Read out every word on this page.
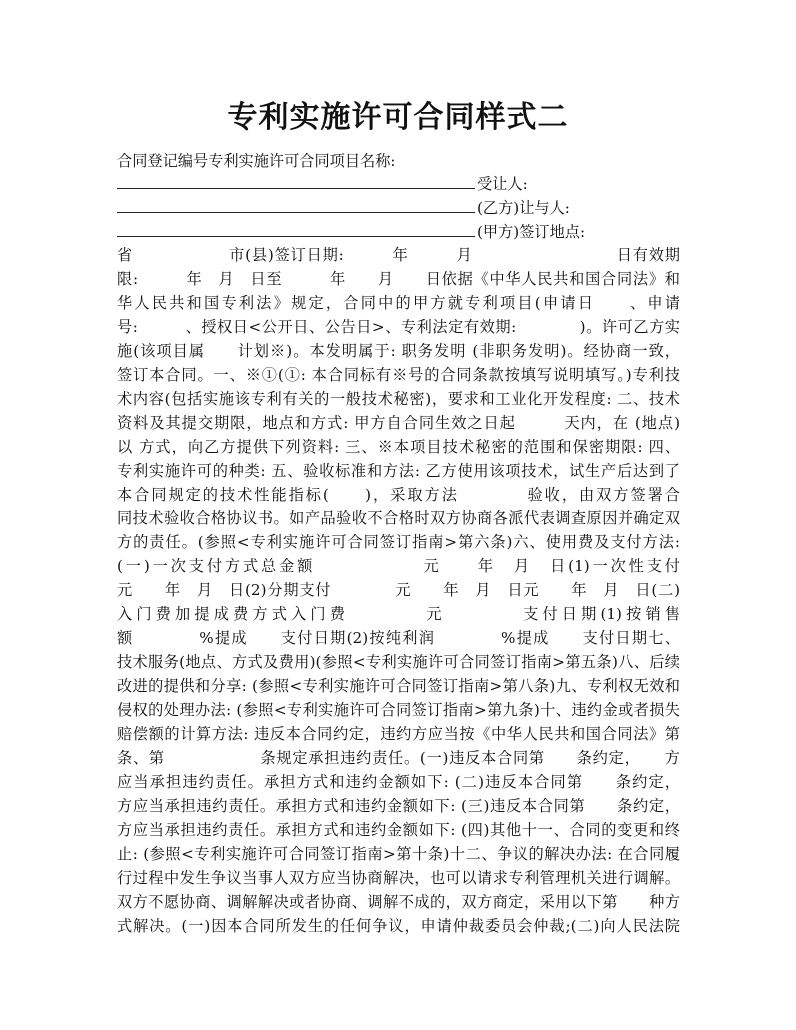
专利实施许可合同样式二
合同登记编号专利实施许可合同项目名称:
受让人:
(乙方)让与人:
(甲方)签订地点:
省　　　　　　市(县)签订日期:　　　年　　　月　　　　　　　　　日有效期
限:　　　年　月　日至　　　年　　月　　日依据《中华人民共和国合同法》和
华人民共和国专利法》规定，合同中的甲方就专利项目(申请日　　、申请
号:　　　、授权日<公开日、公告日>、专利法定有效期:　　　　)。许可乙方实
施(该项目属　　计划※)。本发明属于: 职务发明 (非职务发明)。经协商一致，
签订本合同。一、※①(①: 本合同标有※号的合同条款按填写说明填写。)专利技
术内容(包括实施该专利有关的一般技术秘密)，要求和工业化开发程度: 二、技术
资料及其提交期限，地点和方式: 甲方自合同生效之日起　　　天内，在 (地点)
以 方式，向乙方提供下列资料: 三、※本项目技术秘密的范围和保密期限: 四、
专利实施许可的种类: 五、验收标准和方法: 乙方使用该项技术，试生产后达到了
本合同规定的技术性能指标(　　)，采取方法　　　　验收，由双方签署合
同技术验收合格协议书。如产品验收不合格时双方协商各派代表调查原因并确定双
方的责任。(参照<专利实施许可合同签订指南>第六条)六、使用费及支付方法:
(一)一次支付方式总金额　　　　　　元　　年　月　日(1)一次性支付
元　　年　月　日(2)分期支付　　　　元　　年　月　日元　　年　月　日(二)
入门费加提成费方式入门费　　　　元　　　　支付日期(1)按销售
额　　　　%提成　　支付日期(2)按纯利润　　　　%提成　　支付日期七、
技术服务(地点、方式及费用)(参照<专利实施许可合同签订指南>第五条)八、后续
改进的提供和分享: (参照<专利实施许可合同签订指南>第八条)九、专利权无效和
侵权的处理办法: (参照<专利实施许可合同签订指南>第九条)十、违约金或者损失
赔偿额的计算方法: 违反本合同约定，违约方应当按《中华人民共和国合同法》第
条、第　　　　　　条规定承担违约责任。(一)违反本合同第　　条约定，　　方
应当承担违约责任。承担方式和违约金额如下: (二)违反本合同第　　条约定，
方应当承担违约责任。承担方式和违约金额如下: (三)违反本合同第　　条约定，
方应当承担违约责任。承担方式和违约金额如下: (四)其他十一、合同的变更和终
止: (参照<专利实施许可合同签订指南>第十条)十二、争议的解决办法: 在合同履
行过程中发生争议当事人双方应当协商解决，也可以请求专利管理机关进行调解。
双方不愿协商、调解解决或者协商、调解不成的，双方商定，采用以下第　　种方
式解决。(一)因本合同所发生的任何争议，申请仲裁委员会仲裁;(二)向人民法院
